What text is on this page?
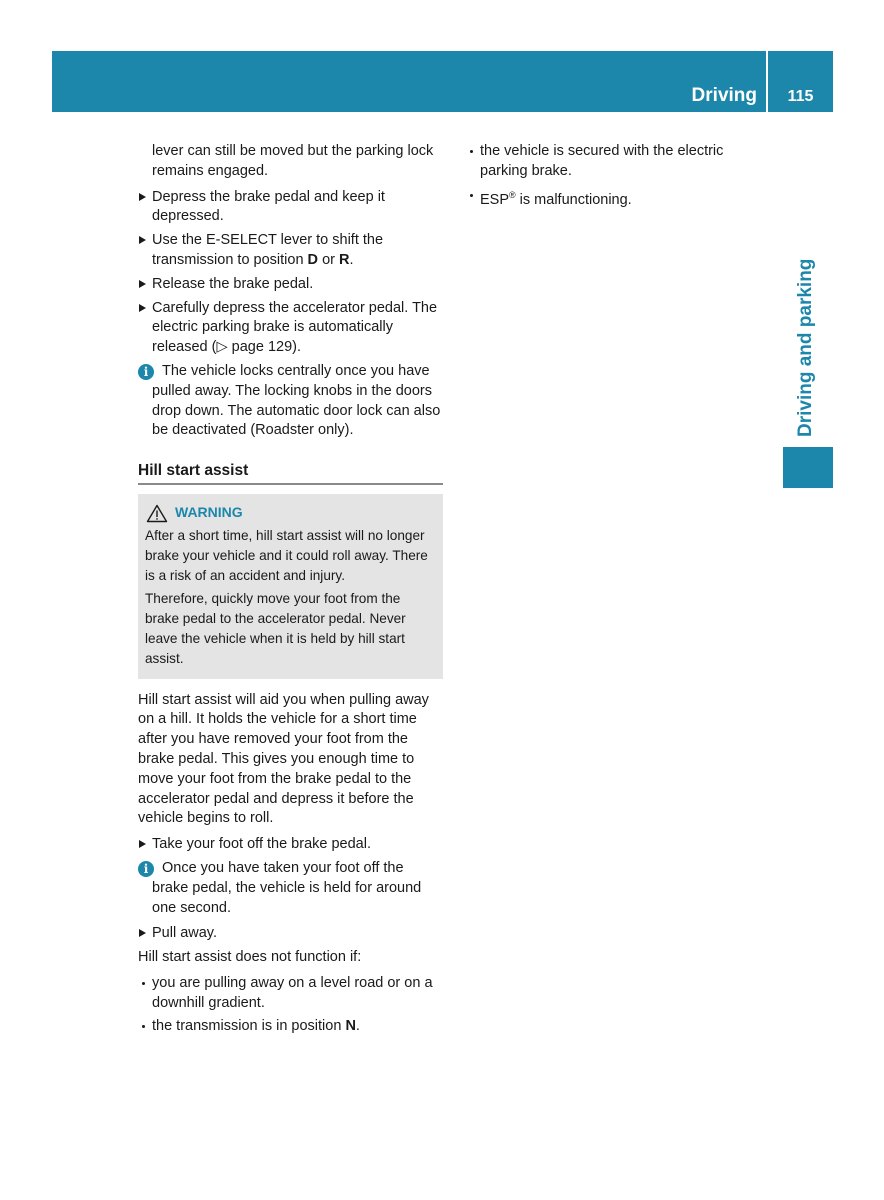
Driving	115
Driving and parking

lever can still be moved but the parking lock remains engaged.

Depress the brake pedal and keep it depressed.
Use the E-SELECT lever to shift the transmission to position D or R.
Release the brake pedal.
Carefully depress the accelerator pedal. The electric parking brake is automatically released (▷ page 129).
i The vehicle locks centrally once you have pulled away. The locking knobs in the doors drop down. The automatic door lock can also be deactivated (Roadster only).
Hill start assist
WARNING

After a short time, hill start assist will no longer brake your vehicle and it could roll away. There is a risk of an accident and injury.

Therefore, quickly move your foot from the brake pedal to the accelerator pedal. Never leave the vehicle when it is held by hill start assist.

Hill start assist will aid you when pulling away on a hill. It holds the vehicle for a short time after you have removed your foot from the brake pedal. This gives you enough time to move your foot from the brake pedal to the accelerator pedal and depress it before the vehicle begins to roll.

Take your foot off the brake pedal.
i Once you have taken your foot off the brake pedal, the vehicle is held for around one second.
Pull away.

Hill start assist does not function if:

you are pulling away on a level road or on a downhill gradient.
the transmission is in position N.
the vehicle is secured with the electric parking brake.
ESP® is malfunctioning.
